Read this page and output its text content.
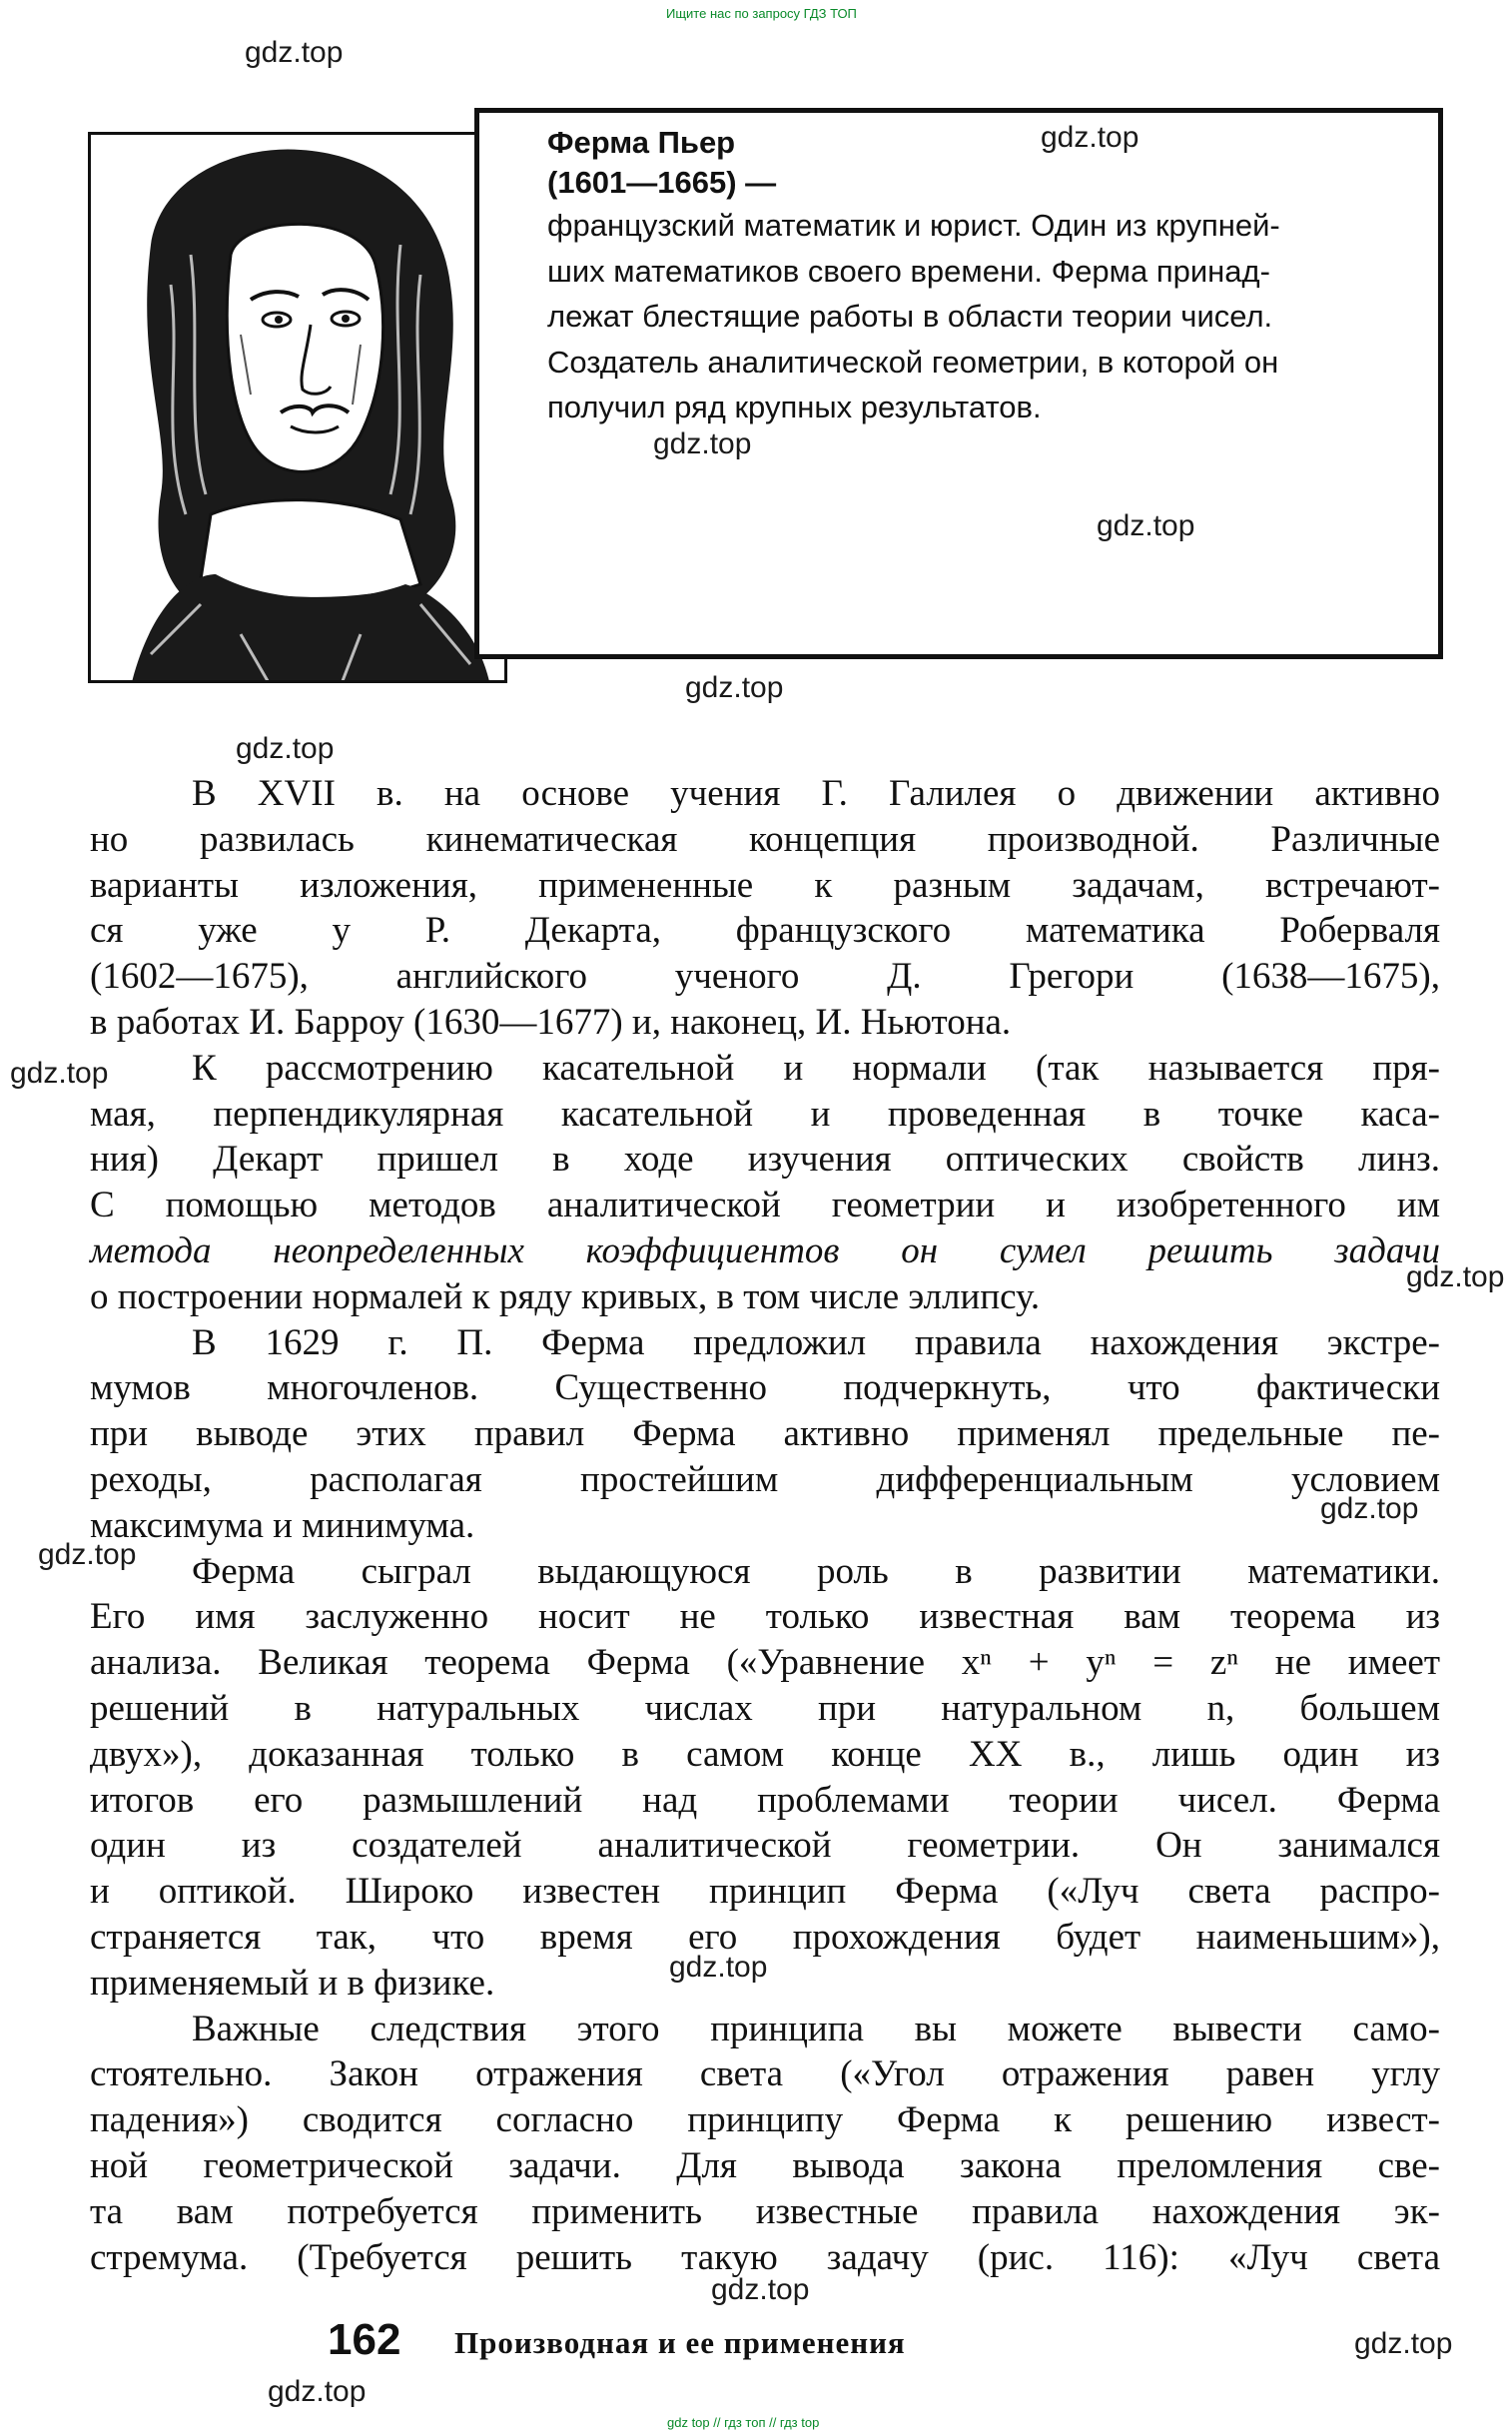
Ищите нас по запросу ГДЗ ТОП
gdz top // гдз топ // гдз top
Ферма Пьер
(1601—1665) —
французский математик и юрист. Один из крупней-
ших математиков своего времени. Ферма принад-
лежат блестящие работы в области теории чисел.
Создатель аналитической геометрии, в которой он
получил ряд крупных результатов.
В XVII в. на основе учения Г. Галилея о движении активно
но развилась кинематическая концепция производной. Различные
варианты изложения, примененные к разным задачам, встречают-
ся уже у Р. Декарта, французского математика Роберваля
(1602—1675), английского ученого Д. Грегори (1638—1675),
в работах И. Барроу (1630—1677) и, наконец, И. Ньютона.
К рассмотрению касательной и нормали (так называется пря-
мая, перпендикулярная касательной и проведенная в точке каса-
ния) Декарт пришел в ходе изучения оптических свойств линз.
С помощью методов аналитической геометрии и изобретенного им
метода неопределенных коэффициентов он сумел решить задачи
о построении нормалей к ряду кривых, в том числе эллипсу.
В 1629 г. П. Ферма предложил правила нахождения экстре-
мумов многочленов. Существенно подчеркнуть, что фактически
при выводе этих правил Ферма активно применял предельные пе-
реходы, располагая простейшим дифференциальным условием
максимума и минимума.
Ферма сыграл выдающуюся роль в развитии математики.
Его имя заслуженно носит не только известная вам теорема из
анализа. Великая теорема Ферма («Уравнение xⁿ + yⁿ = zⁿ не имеет
решений в натуральных числах при натуральном n, большем
двух»), доказанная только в самом конце XX в., лишь один из
итогов его размышлений над проблемами теории чисел. Ферма
один из создателей аналитической геометрии. Он занимался
и оптикой. Широко известен принцип Ферма («Луч света распро-
страняется так, что время его прохождения будет наименьшим»),
применяемый и в физике.
Важные следствия этого принципа вы можете вывести само-
стоятельно. Закон отражения света («Угол отражения равен углу
падения») сводится согласно принципу Ферма к решению извест-
ной геометрической задачи. Для вывода закона преломления све-
та вам потребуется применить известные правила нахождения эк-
стремума. (Требуется решить такую задачу (рис. 116): «Луч света
gdz.top
gdz.top
gdz.top
gdz.top
gdz.top
gdz.top
gdz.top
gdz.top
gdz.top
gdz.top
gdz.top
gdz.top
gdz.top
gdz.top
162 Производная и ее применения
